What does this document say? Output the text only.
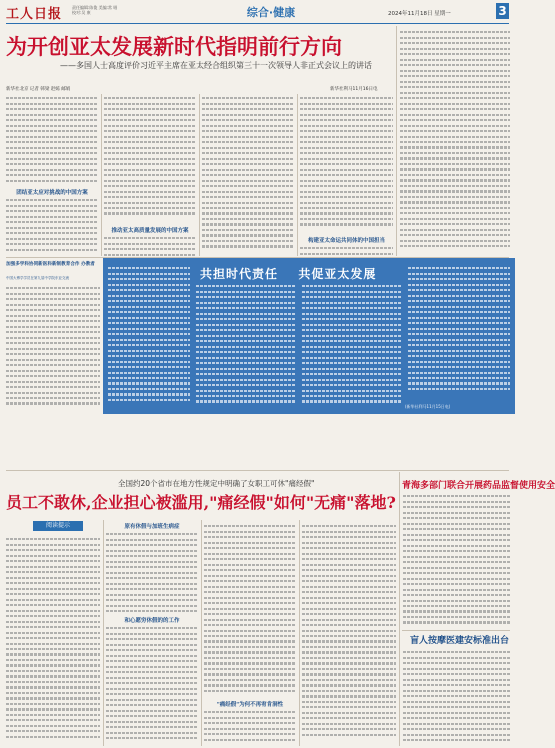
工人日报 责任编辑:陈俊 美编:常 唱 校对:吴 康	综合·健康	2024年11月18日 星期一	3
为开创亚太发展新时代指明前行方向
——多国人士高度评价习近平主席在亚太经合组织第三十一次领导人非正式会议上的讲话
新华社北京 记者 韩梁 赵嫣 邮娟
团结亚太应对挑战的中国方案
推动亚太高质量发展的中国方案
新华社利马11月16日电
构建亚太命运共同体的中国担当
加强多学科协同新医科新制教育合作 办教者
中国大博学学员在第九届中学院东亚交流	共担时代责任 共促亚太发展
(新华社利马11月15日电)
全国约20个省市在地方性规定中明确了女职工可休"痛经假"
员工不敢休,企业担心被滥用,"痛经假"如何"无痛"落地?
阅读提示	原有休假与加班生病症
和心愿穷休假的的工作
"痛经假"为何不再宥肯洞性
青海多部门联合开展药品监督使用安全
盲人按摩医建安标准出台
